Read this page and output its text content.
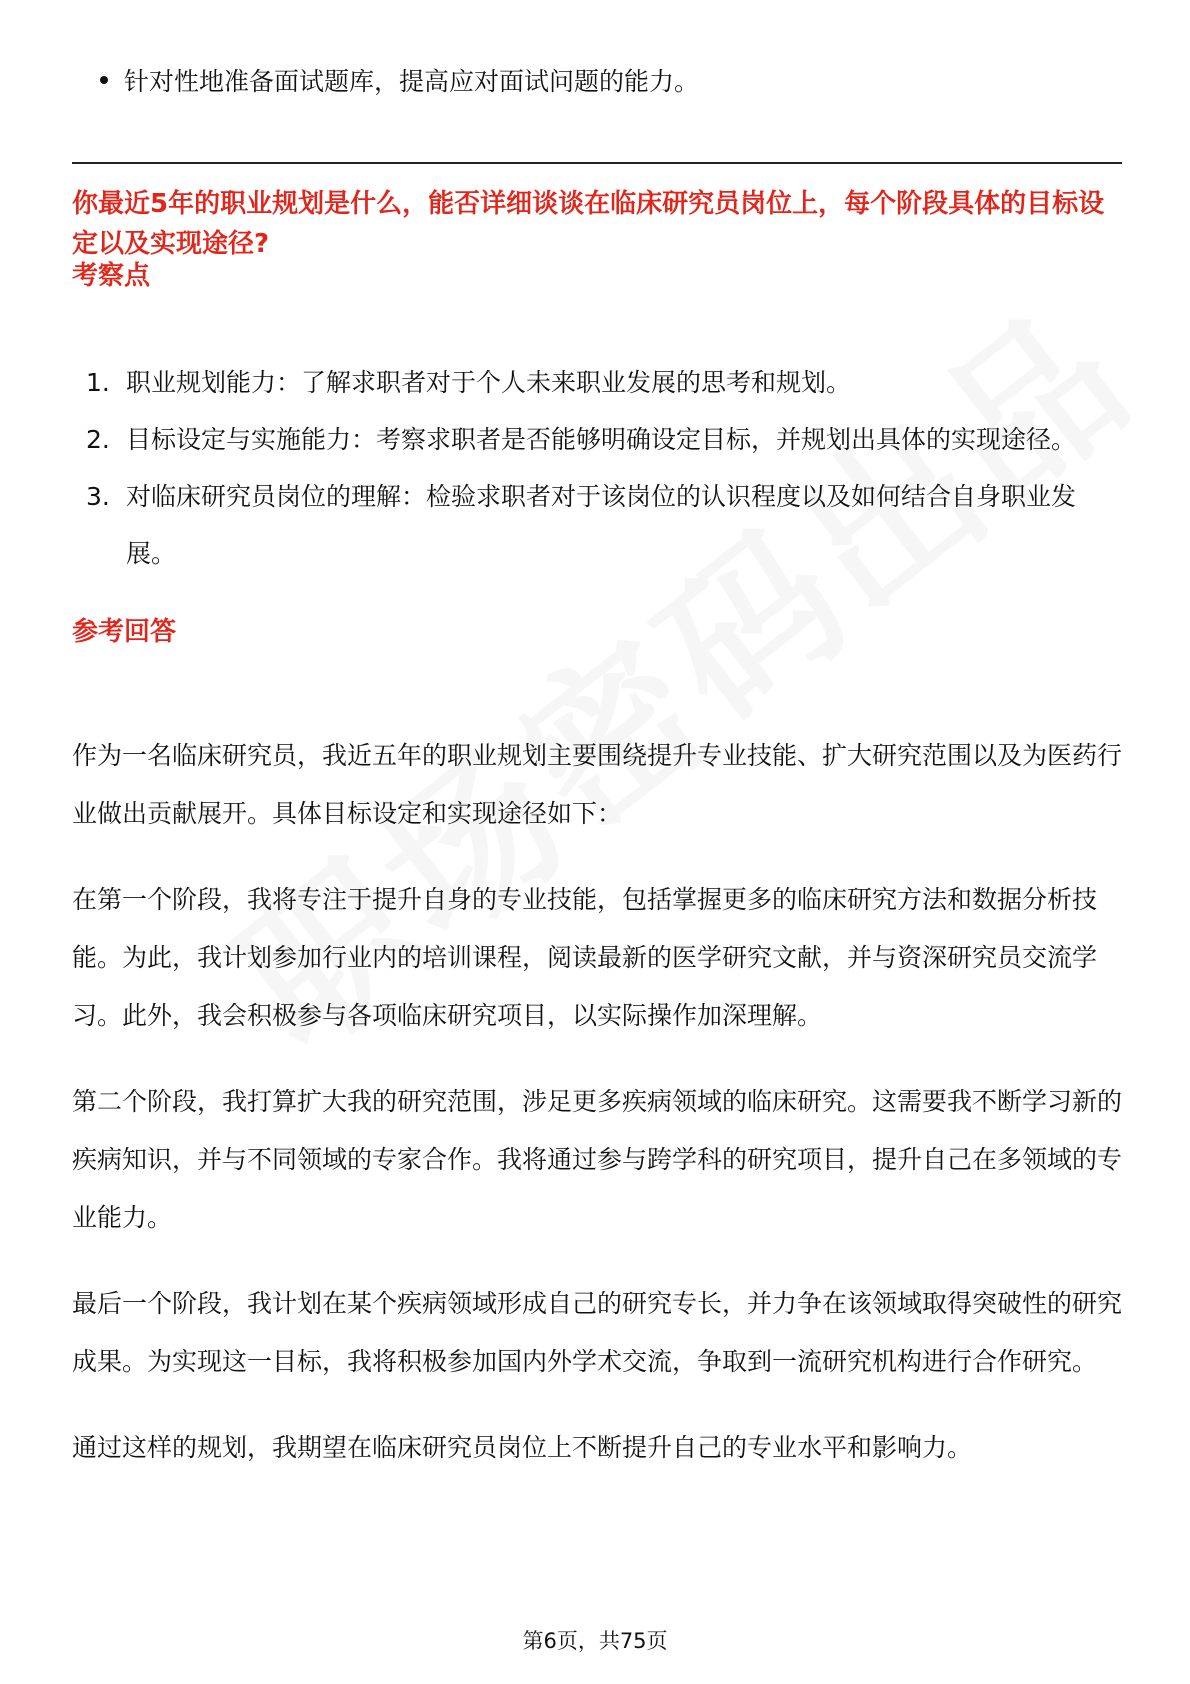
针对性地准备面试题库，提高应对面试问题的能力。
你最近5年的职业规划是什么，能否详细谈谈在临床研究员岗位上，每个阶段具体的目标设定以及实现途径?
考察点
1. 职业规划能力：了解求职者对于个人未来职业发展的思考和规划。
2. 目标设定与实施能力：考察求职者是否能够明确设定目标，并规划出具体的实现途径。
3. 对临床研究员岗位的理解：检验求职者对于该岗位的认识程度以及如何结合自身职业发展。
参考回答

作为一名临床研究员，我近五年的职业规划主要围绕提升专业技能、扩大研究范围以及为医药行业做出贡献展开。具体目标设定和实现途径如下：

在第一个阶段，我将专注于提升自身的专业技能，包括掌握更多的临床研究方法和数据分析技能。为此，我计划参加行业内的培训课程，阅读最新的医学研究文献，并与资深研究员交流学习。此外，我会积极参与各项临床研究项目，以实际操作加深理解。

第二个阶段，我打算扩大我的研究范围，涉足更多疾病领域的临床研究。这需要我不断学习新的疾病知识，并与不同领域的专家合作。我将通过参与跨学科的研究项目，提升自己在多领域的专业能力。

最后一个阶段，我计划在某个疾病领域形成自己的研究专长，并力争在该领域取得突破性的研究成果。为实现这一目标，我将积极参加国内外学术交流，争取到一流研究机构进行合作研究。

通过这样的规划，我期望在临床研究员岗位上不断提升自己的专业水平和影响力。

第6页，共75页
